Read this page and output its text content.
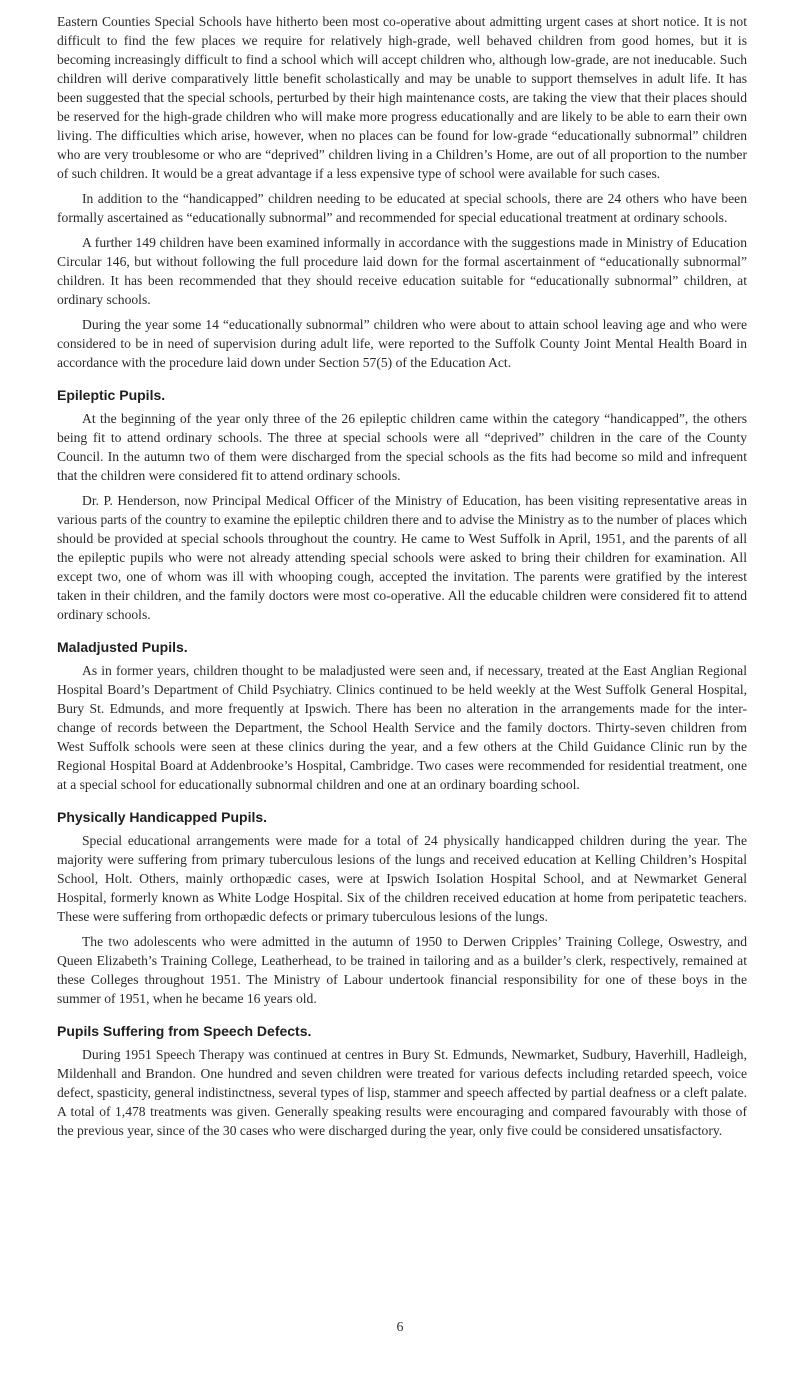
Eastern Counties Special Schools have hitherto been most co-operative about admitting urgent cases at short notice. It is not difficult to find the few places we require for relatively high-grade, well behaved children from good homes, but it is becoming increasingly difficult to find a school which will accept children who, although low-grade, are not ineducable. Such children will derive comparatively little benefit scholastically and may be unable to support themselves in adult life. It has been suggested that the special schools, perturbed by their high maintenance costs, are taking the view that their places should be reserved for the high-grade children who will make more progress educationally and are likely to be able to earn their own living. The difficulties which arise, however, when no places can be found for low-grade “educationally subnormal” children who are very troublesome or who are “deprived” children living in a Children’s Home, are out of all proportion to the number of such children. It would be a great advantage if a less expensive type of school were available for such cases.

In addition to the “handicapped” children needing to be educated at special schools, there are 24 others who have been formally ascertained as “educationally subnormal” and recommended for special educational treatment at ordinary schools.

A further 149 children have been examined informally in accordance with the suggestions made in Ministry of Education Circular 146, but without following the full procedure laid down for the formal ascertainment of “educationally subnormal” children. It has been recommended that they should receive education suitable for “educationally subnormal” children, at ordinary schools.

During the year some 14 “educationally subnormal” children who were about to attain school leaving age and who were considered to be in need of supervision during adult life, were reported to the Suffolk County Joint Mental Health Board in accordance with the procedure laid down under Section 57(5) of the Education Act.

Epileptic Pupils.

At the beginning of the year only three of the 26 epileptic children came within the category “handicapped”, the others being fit to attend ordinary schools. The three at special schools were all “deprived” children in the care of the County Council. In the autumn two of them were discharged from the special schools as the fits had become so mild and infrequent that the children were considered fit to attend ordinary schools.

Dr. P. Henderson, now Principal Medical Officer of the Ministry of Education, has been visiting representative areas in various parts of the country to examine the epileptic children there and to advise the Ministry as to the number of places which should be provided at special schools throughout the country. He came to West Suffolk in April, 1951, and the parents of all the epileptic pupils who were not already attending special schools were asked to bring their children for examination. All except two, one of whom was ill with whooping cough, accepted the invitation. The parents were gratified by the interest taken in their children, and the family doctors were most co-operative. All the educable children were considered fit to attend ordinary schools.

Maladjusted Pupils.

As in former years, children thought to be maladjusted were seen and, if necessary, treated at the East Anglian Regional Hospital Board’s Department of Child Psychiatry. Clinics continued to be held weekly at the West Suffolk General Hospital, Bury St. Edmunds, and more frequently at Ipswich. There has been no alteration in the arrangements made for the inter-change of records between the Department, the School Health Service and the family doctors. Thirty-seven children from West Suffolk schools were seen at these clinics during the year, and a few others at the Child Guidance Clinic run by the Regional Hospital Board at Addenbrooke’s Hospital, Cambridge. Two cases were recommended for residential treatment, one at a special school for educationally subnormal children and one at an ordinary boarding school.

Physically Handicapped Pupils.

Special educational arrangements were made for a total of 24 physically handicapped children during the year. The majority were suffering from primary tuberculous lesions of the lungs and received education at Kelling Children’s Hospital School, Holt. Others, mainly orthopædic cases, were at Ipswich Isolation Hospital School, and at Newmarket General Hospital, formerly known as White Lodge Hospital. Six of the children received education at home from peripatetic teachers. These were suffering from orthopædic defects or primary tuberculous lesions of the lungs.

The two adolescents who were admitted in the autumn of 1950 to Derwen Cripples’ Training College, Oswestry, and Queen Elizabeth’s Training College, Leatherhead, to be trained in tailoring and as a builder’s clerk, respectively, remained at these Colleges throughout 1951. The Ministry of Labour undertook financial responsibility for one of these boys in the summer of 1951, when he became 16 years old.

Pupils Suffering from Speech Defects.

During 1951 Speech Therapy was continued at centres in Bury St. Edmunds, Newmarket, Sudbury, Haverhill, Hadleigh, Mildenhall and Brandon. One hundred and seven children were treated for various defects including retarded speech, voice defect, spasticity, general indistinctness, several types of lisp, stammer and speech affected by partial deafness or a cleft palate. A total of 1,478 treatments was given. Generally speaking results were encouraging and compared favourably with those of the previous year, since of the 30 cases who were discharged during the year, only five could be considered unsatisfactory.

6
